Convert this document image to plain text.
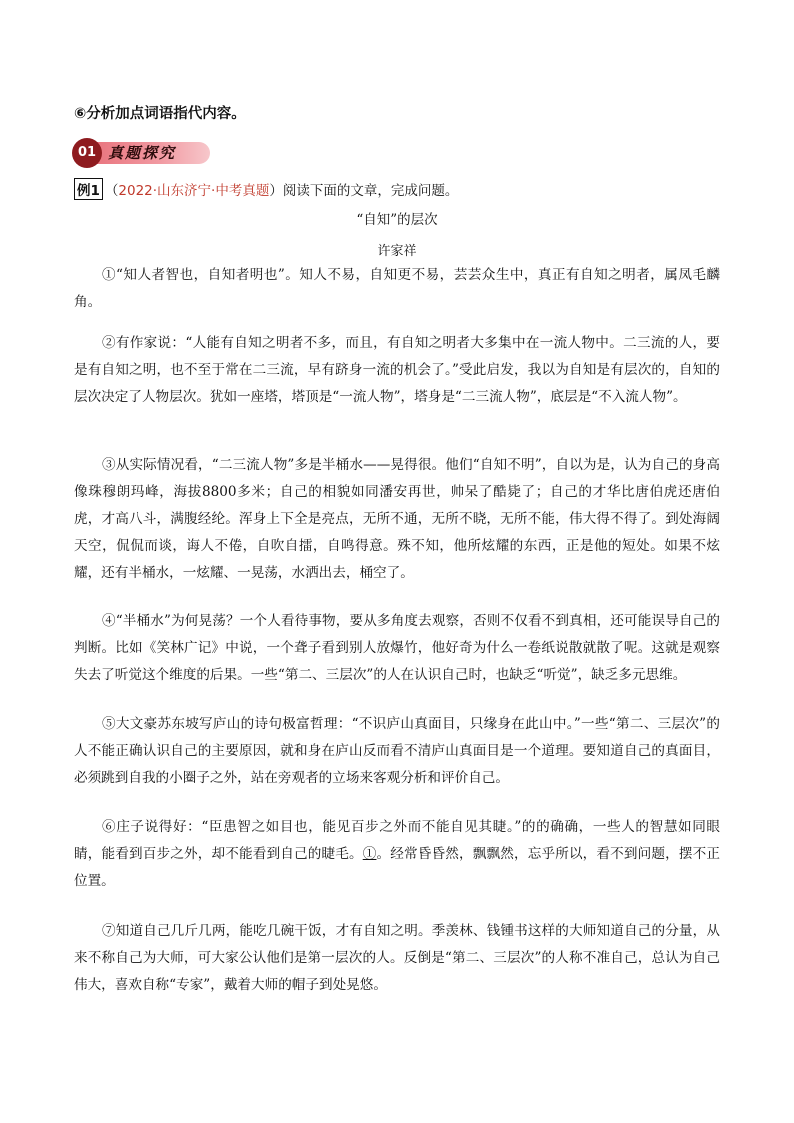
⑥分析加点词语指代内容。
01 真题探究
例1 （2022·山东济宁·中考真题）阅读下面的文章，完成问题。
“自知”的层次
许家祥

①“知人者智也，自知者明也”。知人不易，自知更不易，芸芸众生中，真正有自知之明者，属凤毛麟角。

②有作家说：“人能有自知之明者不多，而且，有自知之明者大多集中在一流人物中。二三流的人，要是有自知之明，也不至于常在二三流，早有跻身一流的机会了。”受此启发，我以为自知是有层次的，自知的层次决定了人物层次。犹如一座塔，塔顶是“一流人物”，塔身是“二三流人物”，底层是“不入流人物”。

③从实际情况看，“二三流人物”多是半桶水——晃得很。他们“自知不明”，自以为是，认为自己的身高像珠穆朗玛峰，海拔8800多米；自己的相貌如同潘安再世，帅呆了酷毙了；自己的才华比唐伯虎还唐伯虎，才高八斗，满腹经纶。浑身上下全是亮点，无所不通，无所不晓，无所不能，伟大得不得了。到处海阔天空，侃侃而谈，诲人不倦，自吹自擂，自鸣得意。殊不知，他所炫耀的东西，正是他的短处。如果不炫耀，还有半桶水，一炫耀、一晃荡，水洒出去，桶空了。

④“半桶水”为何晃荡？一个人看待事物，要从多角度去观察，否则不仅看不到真相，还可能误导自己的判断。比如《笑林广记》中说，一个聋子看到别人放爆竹，他好奇为什么一卷纸说散就散了呢。这就是观察失去了听觉这个维度的后果。一些“第二、三层次”的人在认识自己时，也缺乏“听觉”，缺乏多元思维。

⑤大文豪苏东坡写庐山的诗句极富哲理：“不识庐山真面目，只缘身在此山中。”一些“第二、三层次”的人不能正确认识自己的主要原因，就和身在庐山反而看不清庐山真面目是一个道理。要知道自己的真面目，必须跳到自我的小圈子之外，站在旁观者的立场来客观分析和评价自己。

⑥庄子说得好：“臣患智之如目也，能见百步之外而不能自见其睫。”的的确确，一些人的智慧如同眼睛，能看到百步之外，却不能看到自己的睫毛。①。经常昏昏然，飘飘然，忘乎所以，看不到问题，摆不正位置。

⑦知道自己几斤几两，能吃几碗干饭，才有自知之明。季羡林、钱锺书这样的大师知道自己的分量，从来不称自己为大师，可大家公认他们是第一层次的人。反倒是“第二、三层次”的人称不准自己，总认为自己伟大，喜欢自称“专家”，戴着大师的帽子到处晃悠。
